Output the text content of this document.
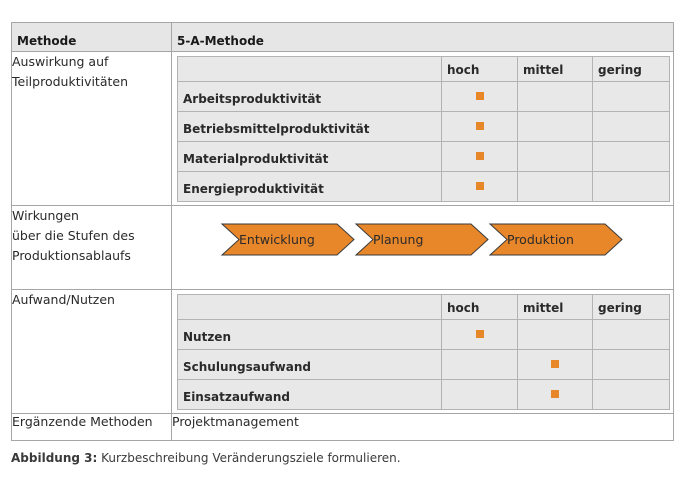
Methode	5-A-Methode

Auswirkung auf
Teilproduktivitäten

	hoch	mittel	gering
Arbeitsproduktivität			
Betriebsmittelproduktivität			
Materialproduktivität			
Energieproduktivität			

Wirkungen
über die Stufen des
Produktionsablaufs

Entwicklung	Planung	Produktion

Aufwand/Nutzen	
	hoch	mittel	gering
Nutzen			
Schulungsaufwand			
Einsatzaufwand			

Ergänzende Methoden	Projektmanagement
Abbildung 3: Kurzbeschreibung Veränderungsziele formulieren.
